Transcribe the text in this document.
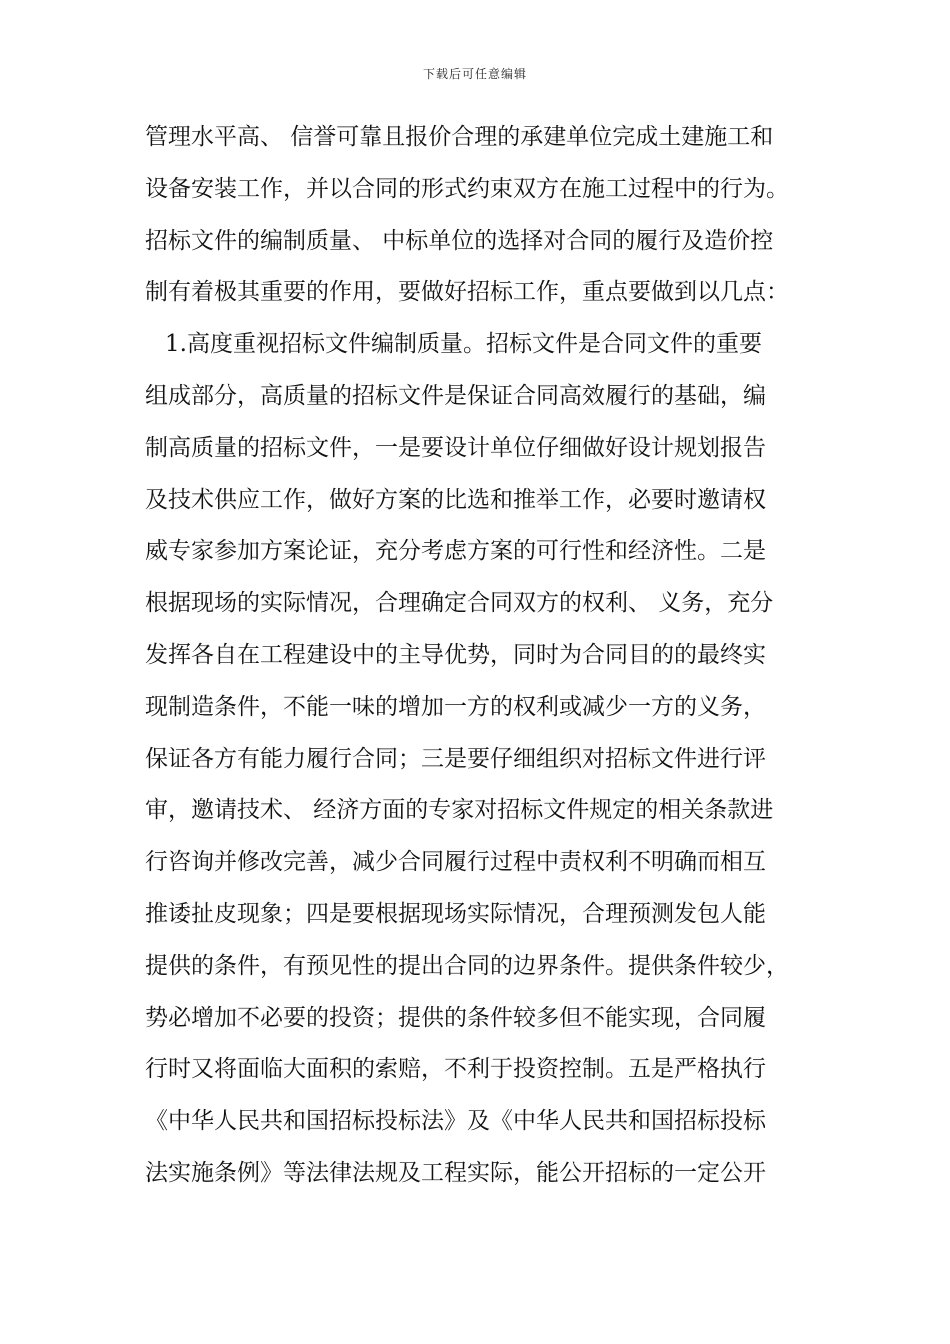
下载后可任意编辑
管理水平高、 信誉可靠且报价合理的承建单位完成土建施工和
设备安装工作，并以合同的形式约束双方在施工过程中的行为。
招标文件的编制质量、 中标单位的选择对合同的履行及造价控
制有着极其重要的作用，要做好招标工作，重点要做到以几点：
1.高度重视招标文件编制质量。招标文件是合同文件的重要
组成部分，高质量的招标文件是保证合同高效履行的基础，编
制高质量的招标文件，一是要设计单位仔细做好设计规划报告
及技术供应工作，做好方案的比选和推举工作，必要时邀请权
威专家参加方案论证，充分考虑方案的可行性和经济性。二是
根据现场的实际情况，合理确定合同双方的权利、 义务，充分
发挥各自在工程建设中的主导优势，同时为合同目的的最终实
现制造条件，不能一味的增加一方的权利或减少一方的义务，
保证各方有能力履行合同；三是要仔细组织对招标文件进行评
审，邀请技术、 经济方面的专家对招标文件规定的相关条款进
行咨询并修改完善，减少合同履行过程中责权利不明确而相互
推诿扯皮现象；四是要根据现场实际情况，合理预测发包人能
提供的条件，有预见性的提出合同的边界条件。提供条件较少，
势必增加不必要的投资；提供的条件较多但不能实现，合同履
行时又将面临大面积的索赔，不利于投资控制。五是严格执行
《中华人民共和国招标投标法》及《中华人民共和国招标投标
法实施条例》等法律法规及工程实际，能公开招标的一定公开
